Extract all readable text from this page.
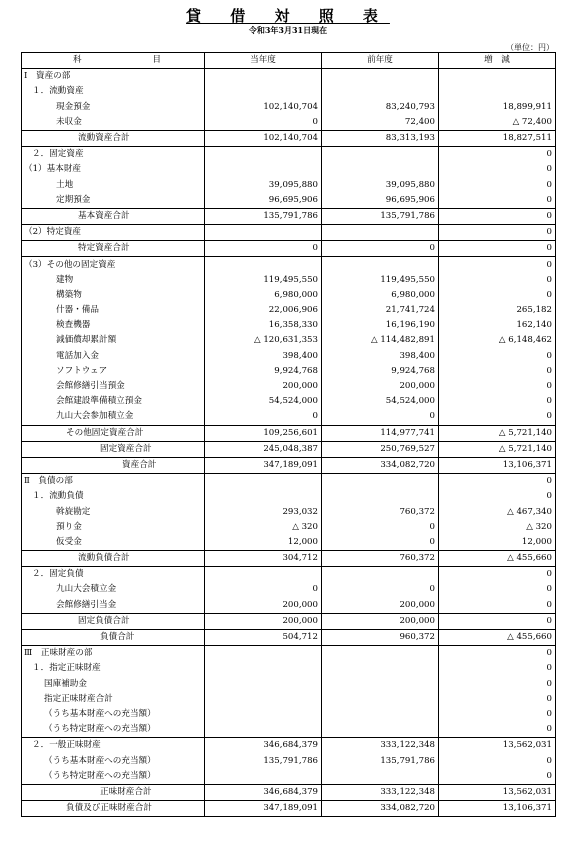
貸 借 対 照 表
令和3年3月31日現在
（単位：円）
科 目	当年度	前年度	増　減
Ⅰ　資産の部			
１．流動資産			
現金預金	102,140,704	83,240,793	18,899,911
未収金	0	72,400	△ 72,400
流動資産合計	102,140,704	83,313,193	18,827,511
２．固定資産			0
（1）基本財産			0
土地	39,095,880	39,095,880	0
定期預金	96,695,906	96,695,906	0
基本資産合計	135,791,786	135,791,786	0
（2）特定資産			0
特定資産合計	0	0	0
（3）その他の固定資産			0
建物	119,495,550	119,495,550	0
構築物	6,980,000	6,980,000	0
什器・備品	22,006,906	21,741,724	265,182
検査機器	16,358,330	16,196,190	162,140
減価償却累計額	△ 120,631,353	△ 114,482,891	△ 6,148,462
電話加入金	398,400	398,400	0
ソフトウェア	9,924,768	9,924,768	0
会館修繕引当預金	200,000	200,000	0
会館建設準備積立預金	54,524,000	54,524,000	0
九山大会参加積立金	0	0	0
その他固定資産合計	109,256,601	114,977,741	△ 5,721,140
固定資産合計	245,048,387	250,769,527	△ 5,721,140
資産合計	347,189,091	334,082,720	13,106,371
Ⅱ　負債の部			0
１．流動負債			0
斡旋勘定	293,032	760,372	△ 467,340
預り金	△ 320	0	△ 320
仮受金	12,000	0	12,000
流動負債合計	304,712	760,372	△ 455,660
２．固定負債			0
九山大会積立金	0	0	0
会館修繕引当金	200,000	200,000	0
固定負債合計	200,000	200,000	0
負債合計	504,712	960,372	△ 455,660
Ⅲ　正味財産の部			0
１．指定正味財産			0
国庫補助金			0
指定正味財産合計			0
（うち基本財産への充当額）			0
（うち特定財産への充当額）			0
２．一般正味財産	346,684,379	333,122,348	13,562,031
（うち基本財産への充当額）	135,791,786	135,791,786	0
（うち特定財産への充当額）			0
正味財産合計	346,684,379	333,122,348	13,562,031
負債及び正味財産合計	347,189,091	334,082,720	13,106,371
